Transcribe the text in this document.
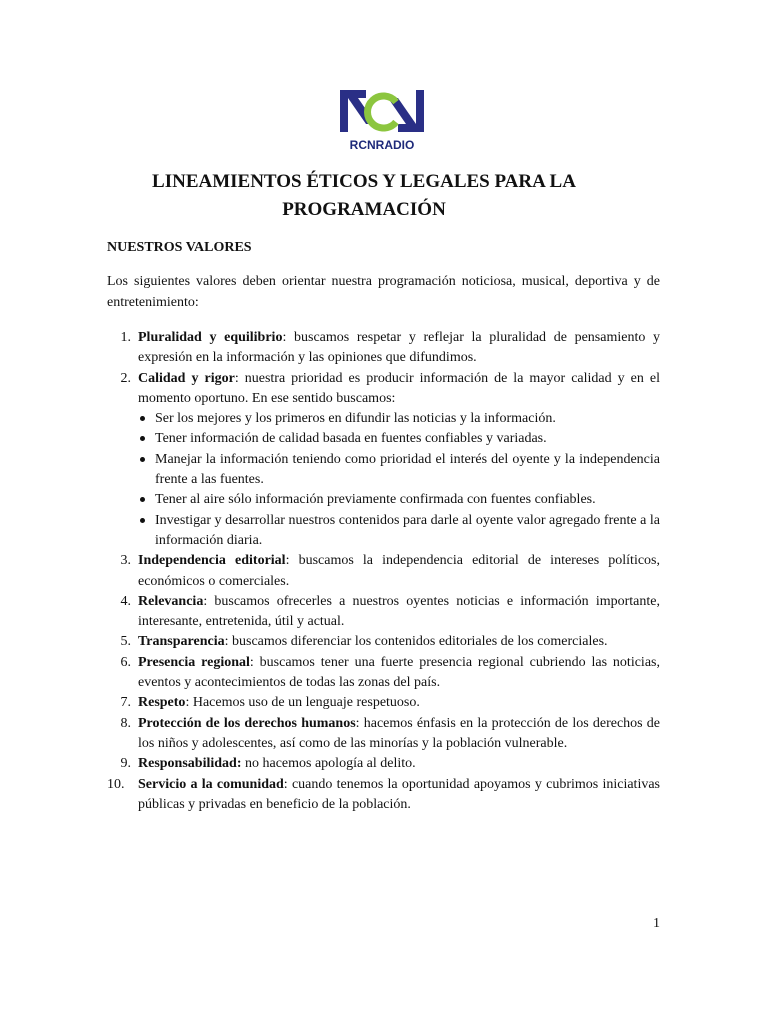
RCNRADIO
LINEAMIENTOS ÉTICOS Y LEGALES PARA LA PROGRAMACIÓN
NUESTROS VALORES
Los siguientes valores deben orientar nuestra programación noticiosa, musical, deportiva y de entretenimiento:
1. Pluralidad y equilibrio: buscamos respetar y reflejar la pluralidad de pensamiento y expresión en la información y las opiniones que difundimos.
2. Calidad y rigor: nuestra prioridad es producir información de la mayor calidad y en el momento oportuno. En ese sentido buscamos:
Ser los mejores y los primeros en difundir las noticias y la información.
Tener información de calidad basada en fuentes confiables y variadas.
Manejar la información teniendo como prioridad el interés del oyente y la independencia frente a las fuentes.
Tener al aire sólo información previamente confirmada con fuentes confiables.
Investigar y desarrollar nuestros contenidos para darle al oyente valor agregado frente a la información diaria.
3. Independencia editorial: buscamos la independencia editorial de intereses políticos, económicos o comerciales.
4. Relevancia: buscamos ofrecerles a nuestros oyentes noticias e información importante, interesante, entretenida, útil y actual.
5. Transparencia: buscamos diferenciar los contenidos editoriales de los comerciales.
6. Presencia regional: buscamos tener una fuerte presencia regional cubriendo las noticias, eventos y acontecimientos de todas las zonas del país.
7. Respeto: Hacemos uso de un lenguaje respetuoso.
8. Protección de los derechos humanos: hacemos énfasis en la protección de los derechos de los niños y adolescentes, así como de las minorías y la población vulnerable.
9. Responsabilidad: no hacemos apología al delito.
10. Servicio a la comunidad: cuando tenemos la oportunidad apoyamos y cubrimos iniciativas públicas y privadas en beneficio de la población.
1
